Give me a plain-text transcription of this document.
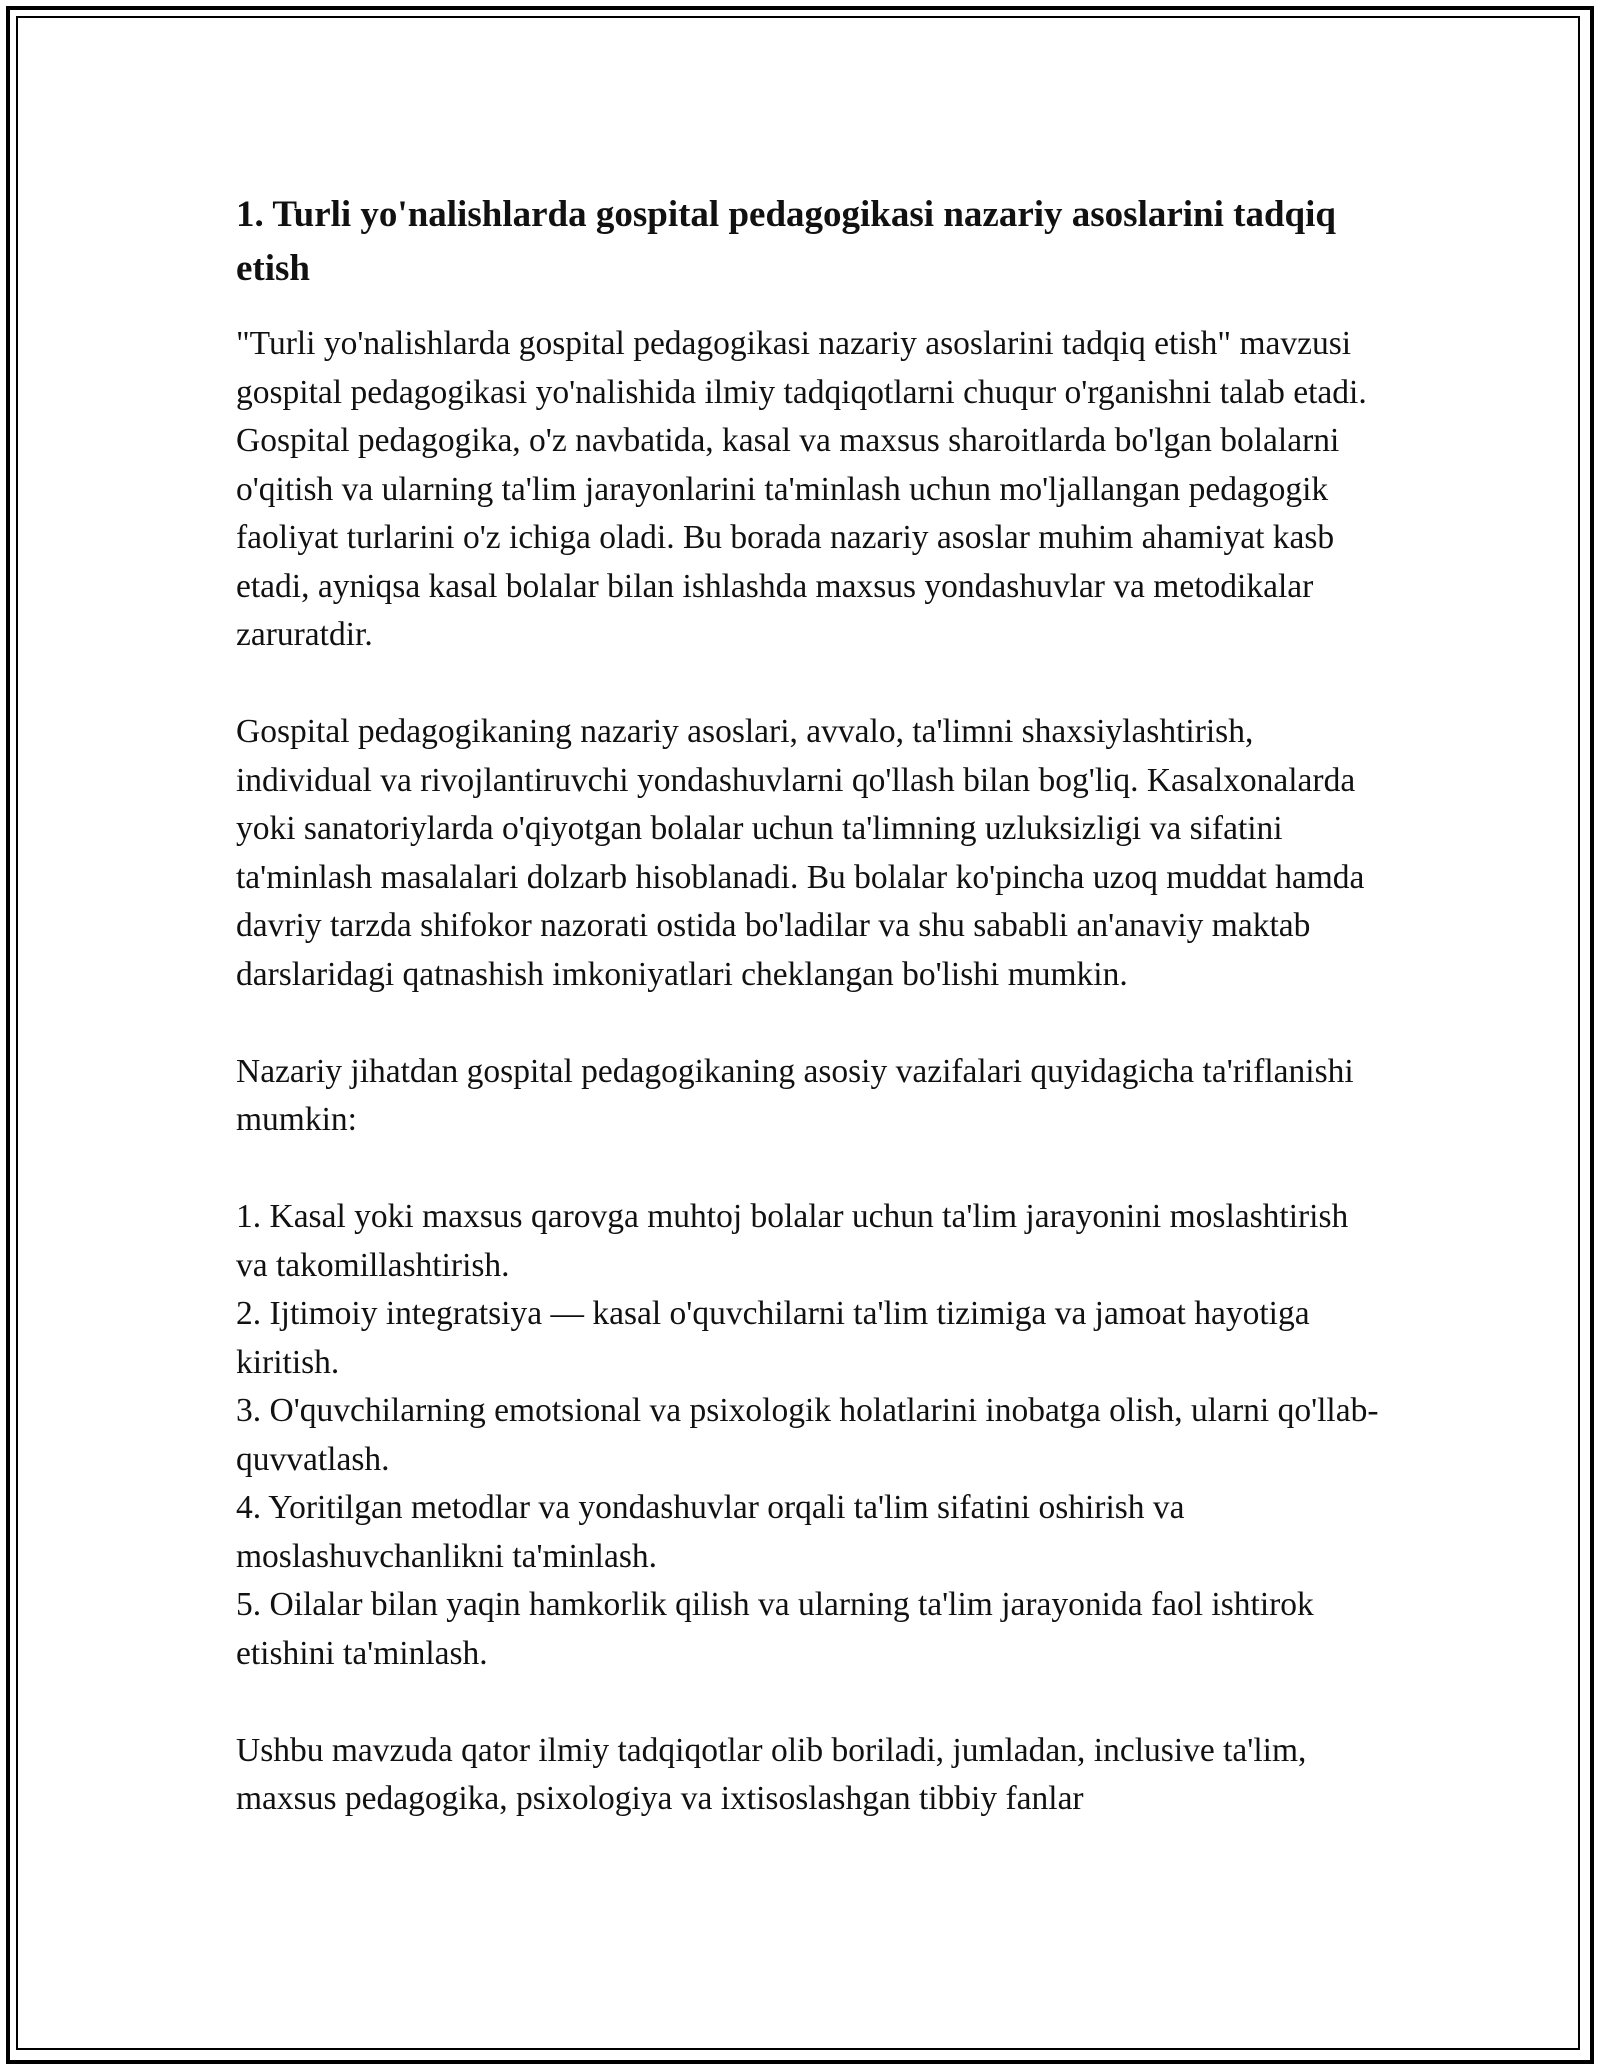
1. Turli yo'nalishlarda gospital pedagogikasi nazariy asoslarini tadqiq etish

"Turli yo'nalishlarda gospital pedagogikasi nazariy asoslarini tadqiq etish" mavzusi gospital pedagogikasi yo'nalishida ilmiy tadqiqotlarni chuqur o'rganishni talab etadi. Gospital pedagogika, o'z navbatida, kasal va maxsus sharoitlarda bo'lgan bolalarni o'qitish va ularning ta'lim jarayonlarini ta'minlash uchun mo'ljallangan pedagogik faoliyat turlarini o'z ichiga oladi. Bu borada nazariy asoslar muhim ahamiyat kasb etadi, ayniqsa kasal bolalar bilan ishlashda maxsus yondashuvlar va metodikalar zaruratdir.

Gospital pedagogikaning nazariy asoslari, avvalo, ta'limni shaxsiylashtirish, individual va rivojlantiruvchi yondashuvlarni qo'llash bilan bog'liq. Kasalxonalarda yoki sanatoriylarda o'qiyotgan bolalar uchun ta'limning uzluksizligi va sifatini ta'minlash masalalari dolzarb hisoblanadi. Bu bolalar ko'pincha uzoq muddat hamda davriy tarzda shifokor nazorati ostida bo'ladilar va shu sababli an'anaviy maktab darslaridagi qatnashish imkoniyatlari cheklangan bo'lishi mumkin.

Nazariy jihatdan gospital pedagogikaning asosiy vazifalari quyidagicha ta'riflanishi mumkin:

1. Kasal yoki maxsus qarovga muhtoj bolalar uchun ta'lim jarayonini moslashtirish va takomillashtirish.
2. Ijtimoiy integratsiya — kasal o'quvchilarni ta'lim tizimiga va jamoat hayotiga kiritish.
3. O'quvchilarning emotsional va psixologik holatlarini inobatga olish, ularni qo'llab-quvvatlash.
4. Yoritilgan metodlar va yondashuvlar orqali ta'lim sifatini oshirish va moslashuvchanlikni ta'minlash.
5. Oilalar bilan yaqin hamkorlik qilish va ularning ta'lim jarayonida faol ishtirok etishini ta'minlash.

Ushbu mavzuda qator ilmiy tadqiqotlar olib boriladi, jumladan, inclusive ta'lim, maxsus pedagogika, psixologiya va ixtisoslashgan tibbiy fanlar
